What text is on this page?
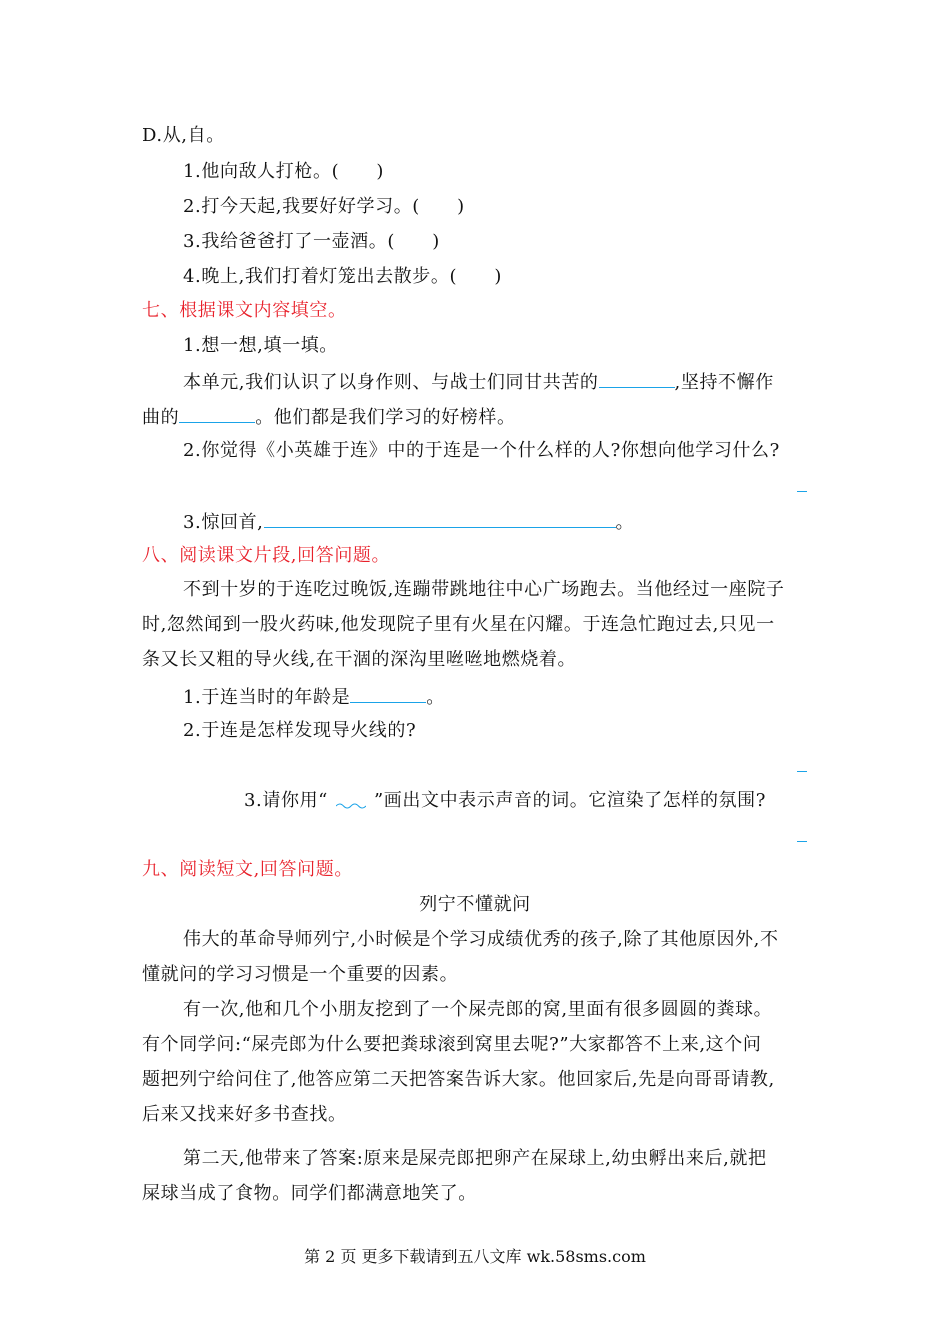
D.从,自。
1.他向敌人打枪。(　　)
2.打今天起,我要好好学习。(　　)
3.我给爸爸打了一壶酒。(　　)
4.晚上,我们打着灯笼出去散步。(　　)
七、根据课文内容填空。
1.想一想,填一填。
本单元,我们认识了以身作则、与战士们同甘共苦的	,坚持不懈作
曲的	。他们都是我们学习的好榜样。
2.你觉得《小英雄于连》中的于连是一个什么样的人?你想向他学习什么?
3.惊回首,	。
八、阅读课文片段,回答问题。
不到十岁的于连吃过晚饭,连蹦带跳地往中心广场跑去。当他经过一座院子
时,忽然闻到一股火药味,他发现院子里有火星在闪耀。于连急忙跑过去,只见一
条又长又粗的导火线,在干涸的深沟里咝咝地燃烧着。
1.于连当时的年龄是	。
2.于连是怎样发现导火线的?
3.请你用“	”画出文中表示声音的词。它渲染了怎样的氛围?
九、阅读短文,回答问题。
列宁不懂就问
伟大的革命导师列宁,小时候是个学习成绩优秀的孩子,除了其他原因外,不
懂就问的学习习惯是一个重要的因素。
有一次,他和几个小朋友挖到了一个屎壳郎的窝,里面有很多圆圆的粪球。
有个同学问:“屎壳郎为什么要把粪球滚到窝里去呢?”大家都答不上来,这个问
题把列宁给问住了,他答应第二天把答案告诉大家。他回家后,先是向哥哥请教,
后来又找来好多书查找。
第二天,他带来了答案:原来是屎壳郎把卵产在屎球上,幼虫孵出来后,就把
屎球当成了食物。同学们都满意地笑了。
第 2 页 更多下载请到五八文库 wk.58sms.com
